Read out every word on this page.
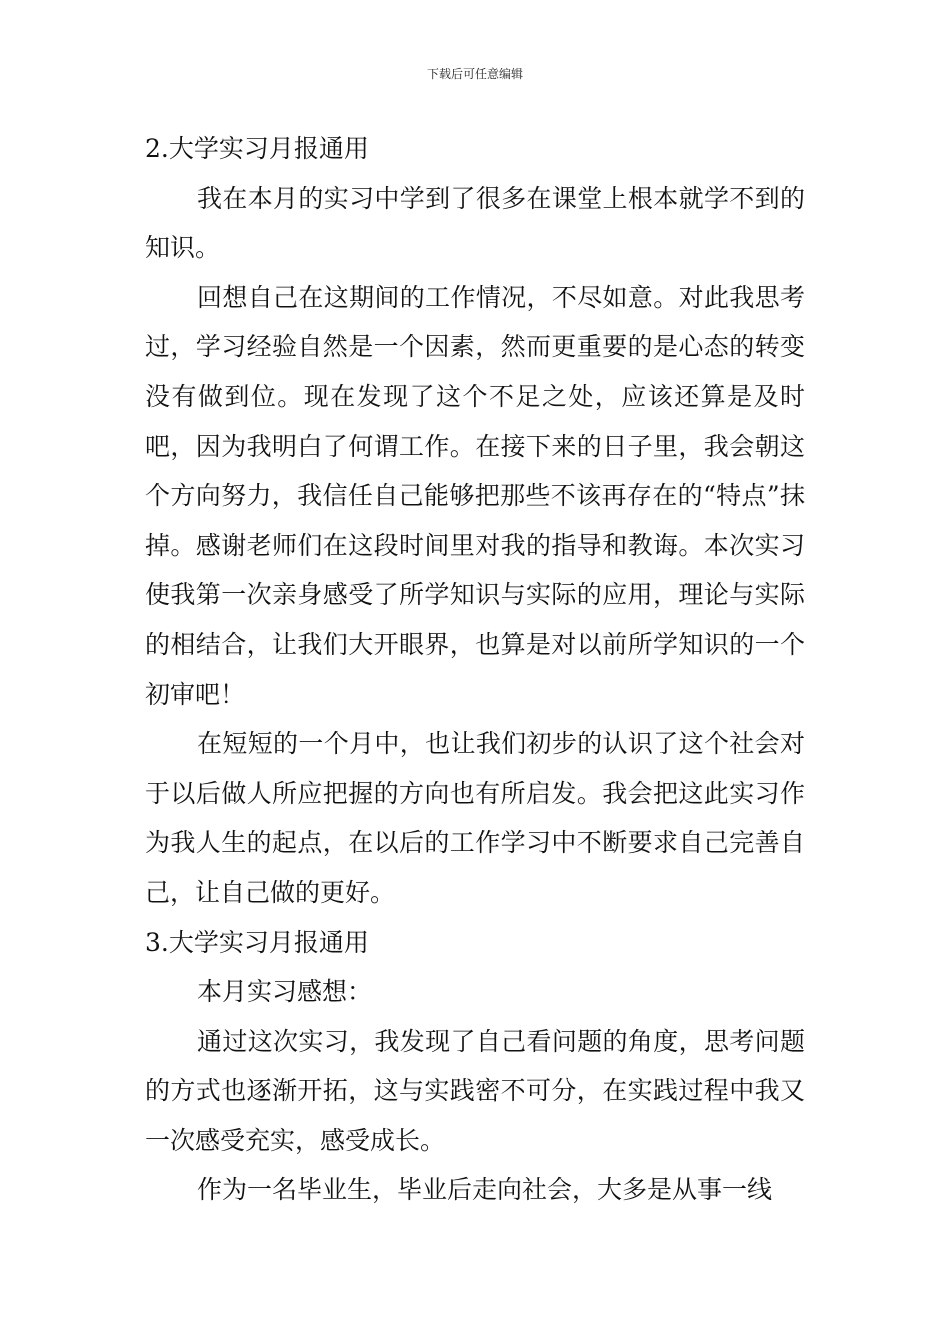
下载后可任意编辑

2.大学实习月报通用

我在本月的实习中学到了很多在课堂上根本就学不到的知识。

回想自己在这期间的工作情况，不尽如意。对此我思考过，学习经验自然是一个因素，然而更重要的是心态的转变没有做到位。现在发现了这个不足之处，应该还算是及时吧，因为我明白了何谓工作。在接下来的日子里，我会朝这个方向努力，我信任自己能够把那些不该再存在的“特点”抹掉。感谢老师们在这段时间里对我的指导和教诲。本次实习使我第一次亲身感受了所学知识与实际的应用，理论与实际的相结合，让我们大开眼界，也算是对以前所学知识的一个初审吧！

在短短的一个月中，也让我们初步的认识了这个社会对于以后做人所应把握的方向也有所启发。我会把这此实习作为我人生的起点，在以后的工作学习中不断要求自己完善自己，让自己做的更好。

3.大学实习月报通用

本月实习感想：

通过这次实习，我发现了自己看问题的角度，思考问题的方式也逐渐开拓，这与实践密不可分，在实践过程中我又一次感受充实，感受成长。

作为一名毕业生，毕业后走向社会，大多是从事一线
